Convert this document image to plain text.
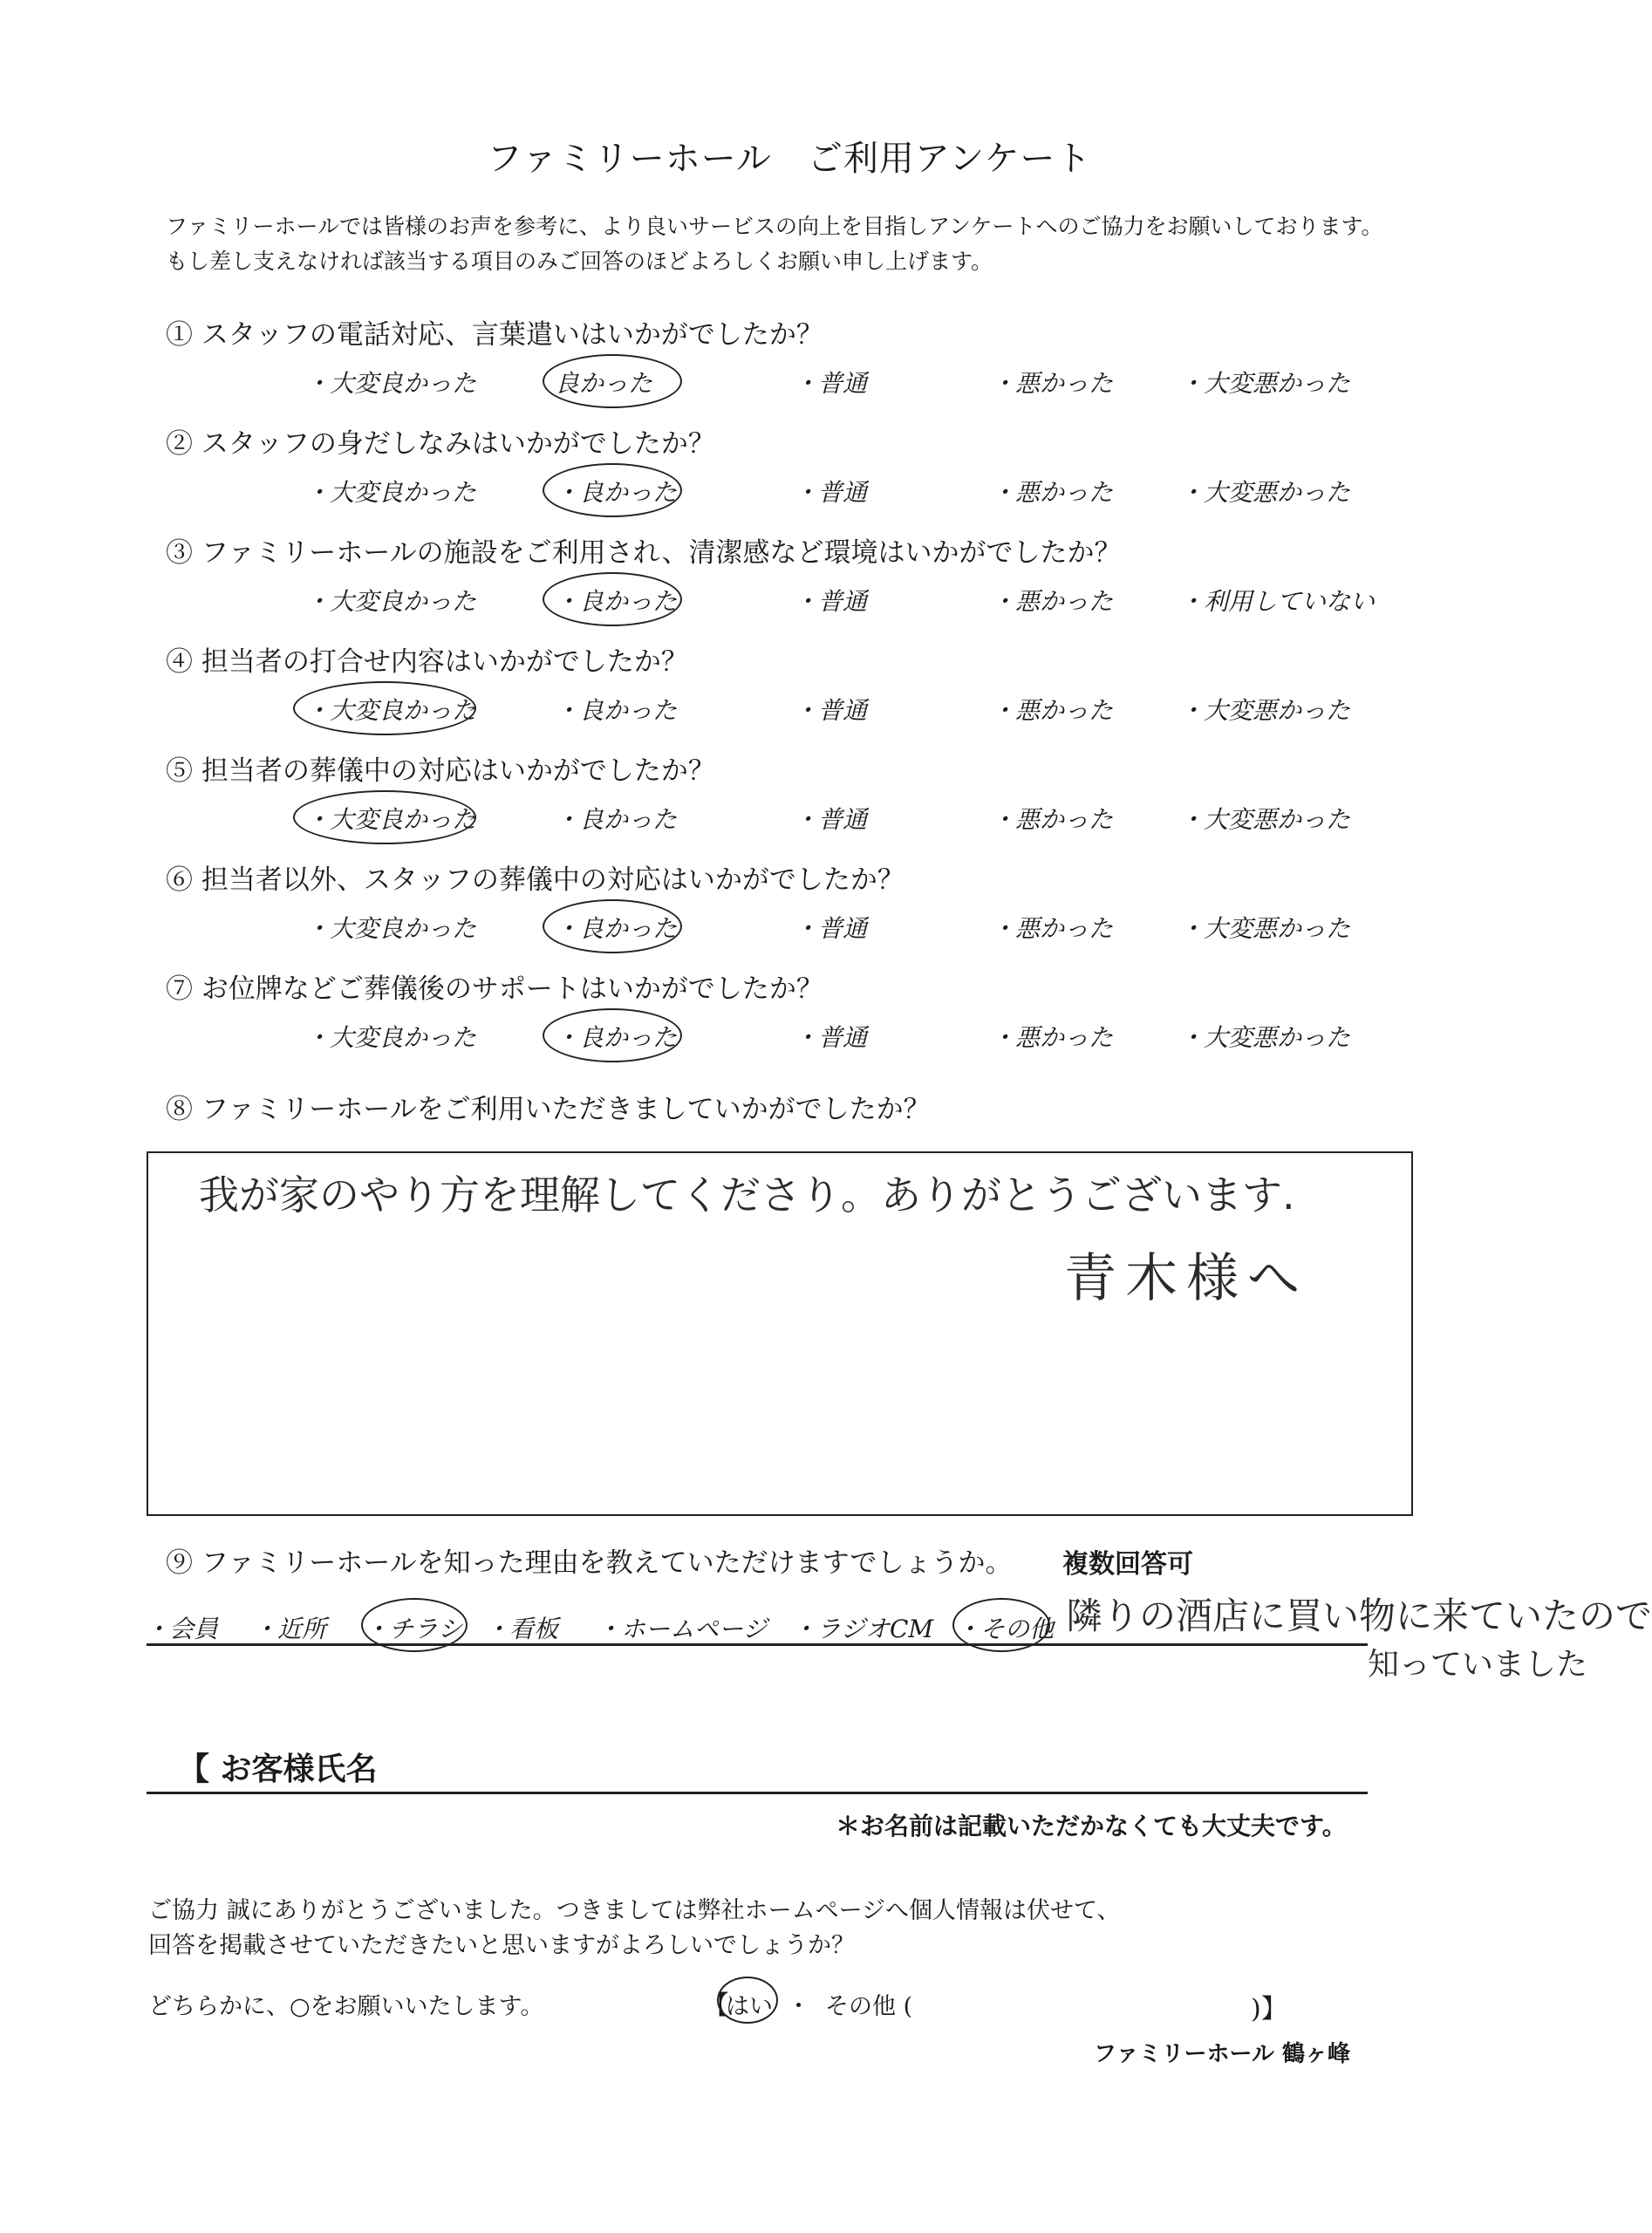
ファミリーホール　ご利用アンケート
ファミリーホールでは皆様のお声を参考に、より良いサービスの向上を目指しアンケートへのご協力をお願いしております。
もし差し支えなければ該当する項目のみご回答のほどよろしくお願い申し上げます。
① スタッフの電話対応、言葉遣いはいかがでしたか？
・大変良かった	良かった	・普通	・悪かった	・大変悪かった
② スタッフの身だしなみはいかがでしたか？
・大変良かった	・良かった	・普通	・悪かった	・大変悪かった
③ ファミリーホールの施設をご利用され、清潔感など環境はいかがでしたか？
・大変良かった	・良かった	・普通	・悪かった	・利用していない
④ 担当者の打合せ内容はいかがでしたか？
・大変良かった	・良かった	・普通	・悪かった	・大変悪かった
⑤ 担当者の葬儀中の対応はいかがでしたか？
・大変良かった	・良かった	・普通	・悪かった	・大変悪かった
⑥ 担当者以外、スタッフの葬儀中の対応はいかがでしたか？
・大変良かった	・良かった	・普通	・悪かった	・大変悪かった
⑦ お位牌などご葬儀後のサポートはいかがでしたか？
・大変良かった	・良かった	・普通	・悪かった	・大変悪かった
⑧ ファミリーホールをご利用いただきましていかがでしたか？
我が家のやり方を理解してくださり。ありがとうございます.
青木様へ
⑨ ファミリーホールを知った理由を教えていただけますでしょうか。 複数回答可
・会員 ・近所 ・チラシ ・看板 ・ホームページ ・ラジオCM ・その他 隣りの酒店に買い物に来ていたので
知っていました
【 お客様氏名
＊お名前は記載いただかなくても大丈夫です。
ご協力 誠にありがとうございました。つきましては弊社ホームページへ個人情報は伏せて、
回答を掲載させていただきたいと思いますがよろしいでしょうか？
どちらかに、○をお願いいたします。	【
はい ・ その他 (	)】
ファミリーホール 鶴ヶ峰
